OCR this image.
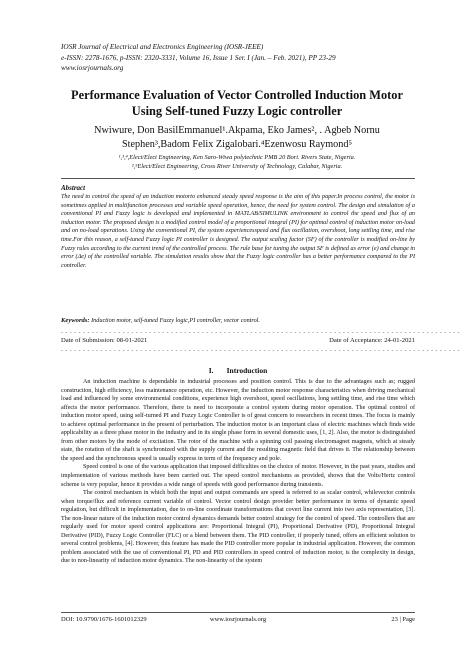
IOSR Journal of Electrical and Electronics Engineering (IOSR-JEEE)
e-ISSN: 2278-1676, p-ISSN: 2320-3331, Volume 16, Issue 1 Ser. I (Jan. – Feb. 2021), PP 23-29
www.iosrjournals.org
Performance Evaluation of Vector Controlled Induction Motor
Using Self-tuned Fuzzy Logic controller
Nwiwure, Don BasilEmmanuel¹.Akpama, Eko James², . Agbeb Nornu
Stephen³,Badom Felix Zigalobari.⁴Ezenwosu Raymond⁵
¹,³,⁴,Elect/Elect Engineering, Ken Saro-Wiwa polytechnic PMB 20 Bori. Rivers State, Nigeria.
²,⁵Elect/Elect Engineering, Cross River University of Technology, Calabar, Nigeria.
Abstract
The need to control the speed of an induction motorto enhanced steady speed response is the aim of this paper.In process control, the motor is sometimes applied in multifunction processes and variable speed operation, hence, the need for system control. The design and simulation of a conventional PI and Fuzzy logic is developed and implemented in MATLAB/SIMULINK environment to control the speed and flux of an induction motor. The proposed design is a modified control model of a proportional integral (PI) for optimal control of induction motor on-load and on no-load operations. Using the conventional PI, the system experiencesspeed and flux oscillation, overshoot, long settling time, and rise time.For this reason, a self-tuned Fuzzy logic PI controller is designed. The output scaling factor (SF) of the controller is modified on-line by Fuzzy rules according to the current trend of the controlled process. The rule base for tuning the output SF is defined as error (e) and change in error (Δe) of the controlled variable. The simulation results show that the Fuzzy logic controller has a better performance compared to the PI controller.
Keywords: Induction motor, self-tuned Fuzzy logic,PI controller, vector control.
- - - - - - - - - - - - - - - - - - - - - - - - - - - - - - - - - - - - - - - - - - - - - - - - - - - - - - - - - - - - - - - - - - - - - - - - - - - - - - - - - - - - - - - - - - -
Date of Submission: 08-01-2021	Date of Acceptance: 24-01-2021
- - - - - - - - - - - - - - - - - - - - - - - - - - - - - - - - - - - - - - - - - - - - - - - - - - - - - - - - - - - - - - - - - - - - - - - - - - - - - - - - - - - - - - - - - - -
I.       Introduction

An induction machine is dependable in industrial processes and position control. This is due to the advantages such as; rugged construction, high efficiency, less maintenance operation, etc. However, the induction motor response characteristics when driving mechanical load and influenced by some environmental conditions, experience high overshoot, speed oscillations, long settling time, and rise time which affects the motor performance. Therefore, there is need to incorporate a control system during motor operation. The optimal control of induction motor speed, using self-turned PI and Fuzzy Logic Controller is of great concern to researchers in recent times. The focus is mainly to achieve optimal performance in the present of perturbation. The induction motor is an important class of electric machines which finds wide applicability as a three phase motor in the industry and in its single phase form in several domestic uses, [1, 2]. Also, the motor is distinguished from other motors by the mode of excitation. The rotor of the machine with a spinning coil passing electromagnet magnets, which at steady state, the rotation of the shaft is synchronized with the supply current and the resulting magnetic field that drives it. The relationship between the speed and the synchronous speed is usually express in term of the frequency and pole.

Speed control is one of the various application that imposed difficulties on the choice of motor. However, in the past years, studies and implementation of various methods have been carried out. The speed control mechanisms as provided, shows that the Volts/Hertz control scheme is very popular, hence it provides a wide range of speeds with good performance during transients.

The control mechanism in which both the input and output commands are speed is referred to as scalar control, whilevector controls when torque/flux and reference current variable of control. Vector control design provider better performance in terms of dynamic speed regulation, but difficult in implementation, due to on-line coordinate transformations that covert line current into two axis representation, [3]. The non-linear nature of the induction motor control dynamics demands better control strategy for the control of speed. The controllers that are regularly used for motor speed control applications are: Proportional Integral (PI), Proportional Derivative (PD), Proportional Integral Derivative (PID), Fuzzy Logic Controller (FLC) or a blend between them. The PID controller, if properly tuned, offers an efficient solution to several control problems, [4]. However, this feature has made the PID controller more popular in industrial application. However, the common problem associated with the use of conventional PI, PD and PID controllers in speed control of induction motor, is the complexity in design, due to non-linearity of induction motor dynamics. The non-linearity of the system

DOI: 10.9790/1676-1601012329	www.iosrjournals.org	23 | Page
